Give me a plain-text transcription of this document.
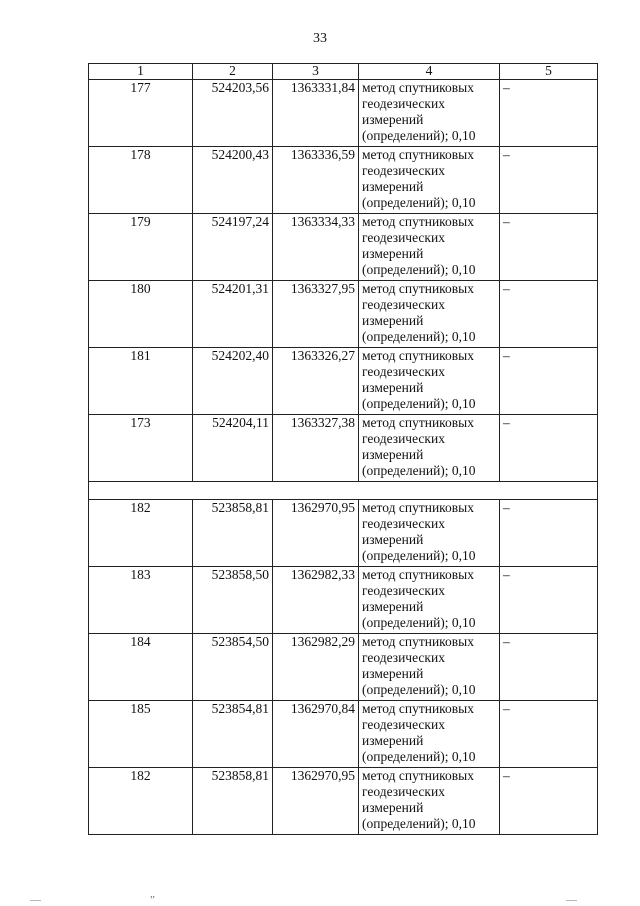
33
1	2	3	4	5
177	524203,56	1363331,84	метод спутниковых
геодезических
измерений
(определений); 0,10	–
178	524200,43	1363336,59	метод спутниковых
геодезических
измерений
(определений); 0,10	–
179	524197,24	1363334,33	метод спутниковых
геодезических
измерений
(определений); 0,10	–
180	524201,31	1363327,95	метод спутниковых
геодезических
измерений
(определений); 0,10	–
181	524202,40	1363326,27	метод спутниковых
геодезических
измерений
(определений); 0,10	–
173	524204,11	1363327,38	метод спутниковых
геодезических
измерений
(определений); 0,10	–

182	523858,81	1362970,95	метод спутниковых
геодезических
измерений
(определений); 0,10	–
183	523858,50	1362982,33	метод спутниковых
геодезических
измерений
(определений); 0,10	–
184	523854,50	1362982,29	метод спутниковых
геодезических
измерений
(определений); 0,10	–
185	523854,81	1362970,84	метод спутниковых
геодезических
измерений
(определений); 0,10	–
182	523858,81	1362970,95	метод спутниковых
геодезических
измерений
(определений); 0,10	–
—	ˮ	—
